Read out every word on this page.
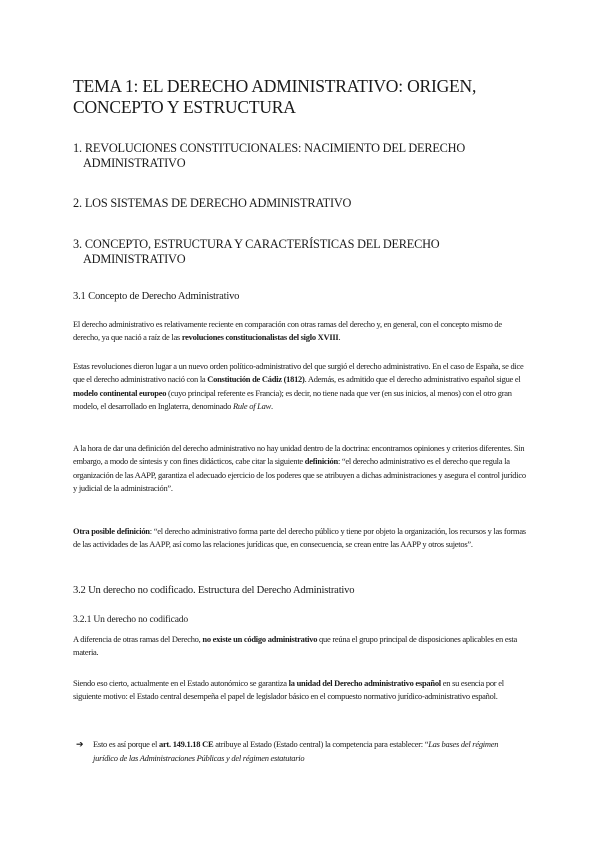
TEMA 1: EL DERECHO ADMINISTRATIVO: ORIGEN,
CONCEPTO Y ESTRUCTURA
1. REVOLUCIONES CONSTITUCIONALES: NACIMIENTO DEL DERECHO
ADMINISTRATIVO
2. LOS SISTEMAS DE DERECHO ADMINISTRATIVO
3. CONCEPTO, ESTRUCTURA Y CARACTERÍSTICAS DEL DERECHO
ADMINISTRATIVO
3.1 Concepto de Derecho Administrativo
El derecho administrativo es relativamente reciente en comparación con otras ramas del derecho y, en general, con el concepto mismo de derecho, ya que nació a raíz de las revoluciones constitucionalistas del siglo XVIII.
Estas revoluciones dieron lugar a un nuevo orden político-administrativo del que surgió el derecho administrativo. En el caso de España, se dice que el derecho administrativo nació con la Constitución de Cádiz (1812). Además, es admitido que el derecho administrativo español sigue el modelo continental europeo (cuyo principal referente es Francia); es decir, no tiene nada que ver (en sus inicios, al menos) con el otro gran modelo, el desarrollado en Inglaterra, denominado Rule of Law.
A la hora de dar una definición del derecho administrativo no hay unidad dentro de la doctrina: encontramos opiniones y criterios diferentes. Sin embargo, a modo de síntesis y con fines didácticos, cabe citar la siguiente definición: “el derecho administrativo es el derecho que regula la organización de las AAPP, garantiza el adecuado ejercicio de los poderes que se atribuyen a dichas administraciones y asegura el control jurídico y judicial de la administración”.
Otra posible definición: “el derecho administrativo forma parte del derecho público y tiene por objeto la organización, los recursos y las formas de las actividades de las AAPP, así como las relaciones jurídicas que, en consecuencia, se crean entre las AAPP y otros sujetos”.
3.2 Un derecho no codificado. Estructura del Derecho Administrativo
3.2.1 Un derecho no codificado
A diferencia de otras ramas del Derecho, no existe un código administrativo que reúna el grupo principal de disposiciones aplicables en esta materia.
Siendo eso cierto, actualmente en el Estado autonómico se garantiza la unidad del Derecho administrativo español en su esencia por el siguiente motivo: el Estado central desempeña el papel de legislador básico en el compuesto normativo jurídico-administrativo español.
➔ Esto es así porque el art. 149.1.18 CE atribuye al Estado (Estado central) la competencia para establecer: “Las bases del régimen jurídico de las Administraciones Públicas y del régimen estatutario
